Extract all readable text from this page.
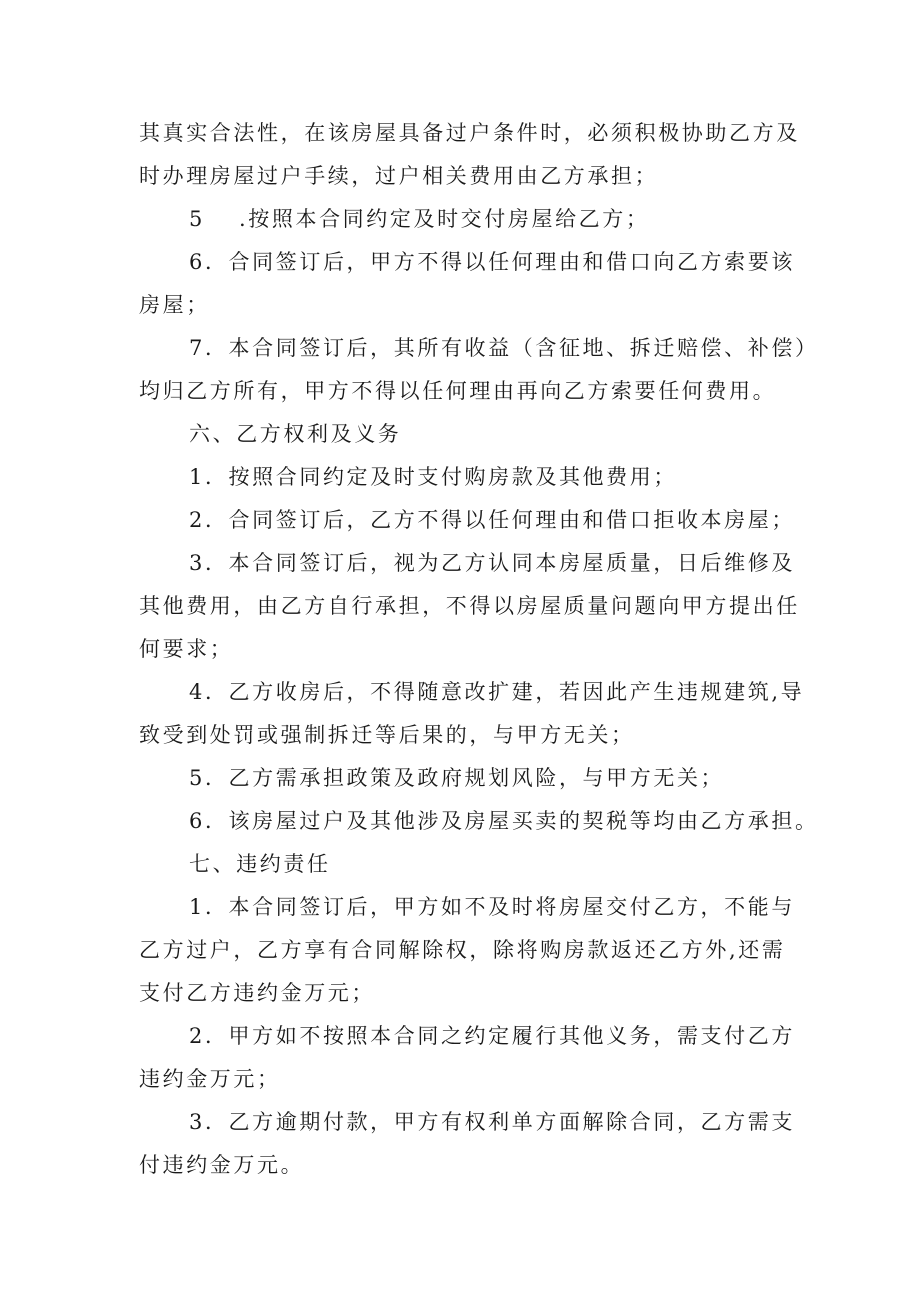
其真实合法性，在该房屋具备过户条件时，必须积极协助乙方及
时办理房屋过户手续，过户相关费用由乙方承担；
5 .按照本合同约定及时交付房屋给乙方；
6．合同签订后，甲方不得以任何理由和借口向乙方索要该
房屋；
7．本合同签订后，其所有收益（含征地、拆迁赔偿、补偿）
均归乙方所有，甲方不得以任何理由再向乙方索要任何费用。
六、乙方权利及义务
1．按照合同约定及时支付购房款及其他费用；
2．合同签订后，乙方不得以任何理由和借口拒收本房屋；
3．本合同签订后，视为乙方认同本房屋质量，日后维修及
其他费用，由乙方自行承担，不得以房屋质量问题向甲方提出任
何要求；
4．乙方收房后，不得随意改扩建，若因此产生违规建筑,导
致受到处罚或强制拆迁等后果的，与甲方无关；
5．乙方需承担政策及政府规划风险，与甲方无关；
6．该房屋过户及其他涉及房屋买卖的契税等均由乙方承担。
七、违约责任
1．本合同签订后，甲方如不及时将房屋交付乙方，不能与
乙方过户，乙方享有合同解除权，除将购房款返还乙方外,还需
支付乙方违约金万元；
2．甲方如不按照本合同之约定履行其他义务，需支付乙方
违约金万元；
3．乙方逾期付款，甲方有权利单方面解除合同，乙方需支
付违约金万元。
